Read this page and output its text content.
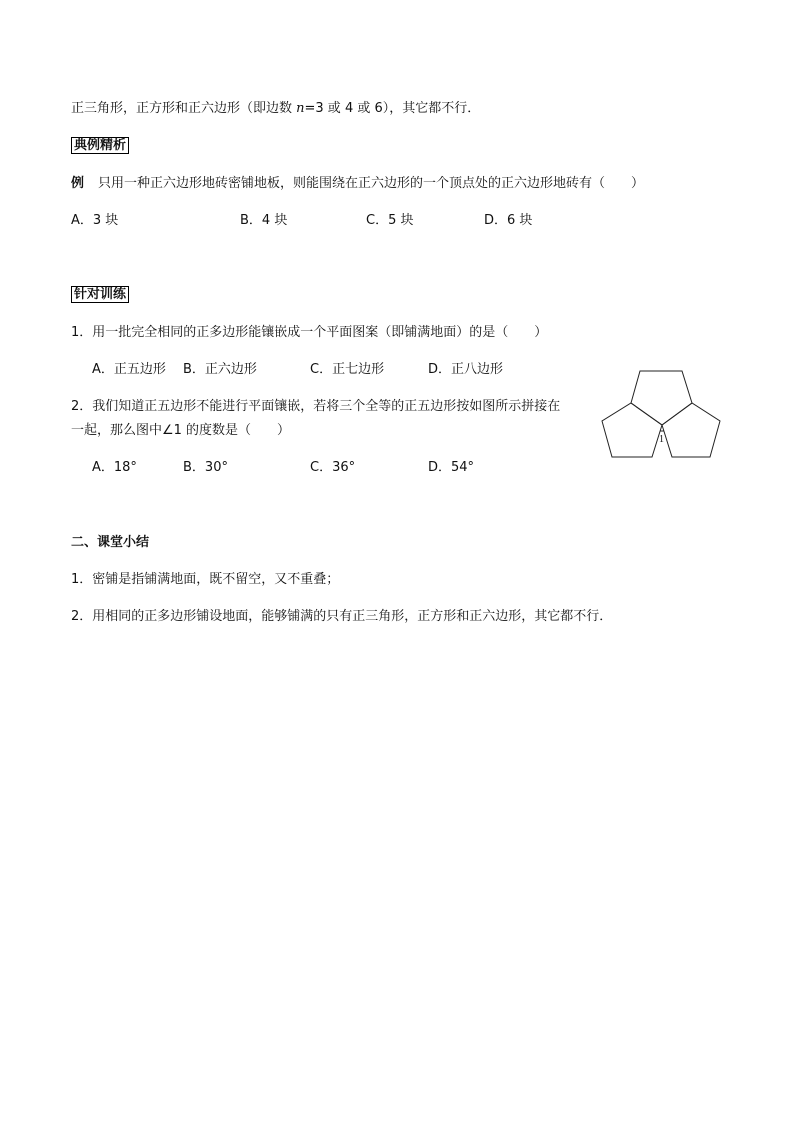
正三角形，正方形和正六边形（即边数 n=3 或 4 或 6），其它都不行．
典例精析
例 只用一种正六边形地砖密铺地板，则能围绕在正六边形的一个顶点处的正六边形地砖有（　　）
A．3 块	B．4 块	C．5 块	D．6 块
针对训练
1．用一批完全相同的正多边形能镶嵌成一个平面图案（即铺满地面）的是（　　）
A．正五边形 B．正六边形	C．正七边形	D．正八边形
2．我们知道正五边形不能进行平面镶嵌，若将三个全等的正五边形按如图所示拼接在
一起，那么图中∠1 的度数是（　　）
A．18°	B．30°	C．36°	D．54°
1
二、课堂小结
1．密铺是指铺满地面，既不留空，又不重叠；
2．用相同的正多边形铺设地面，能够铺满的只有正三角形，正方形和正六边形，其它都不行．
